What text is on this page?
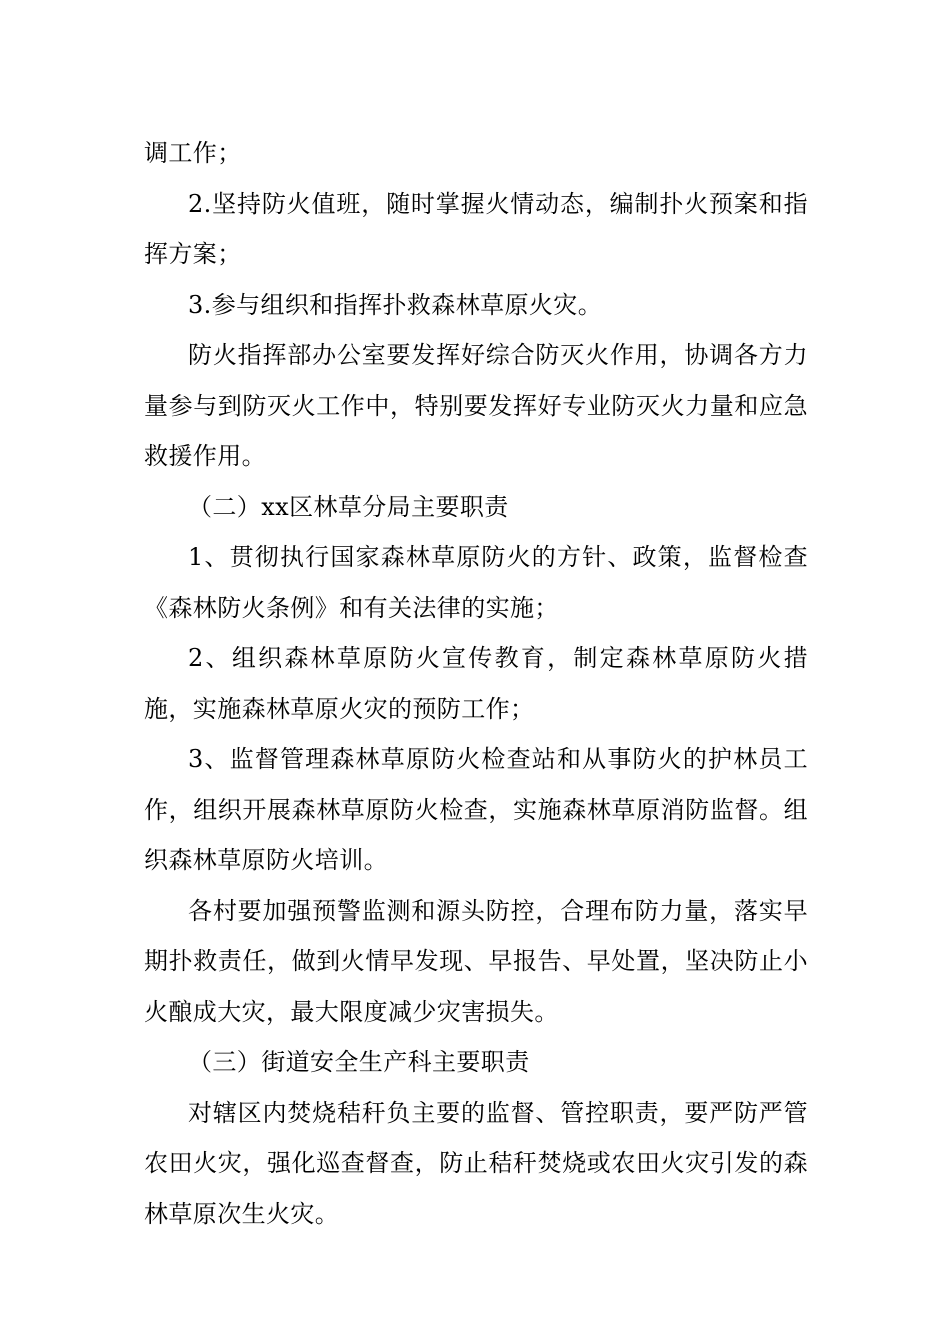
调工作；

2.坚持防火值班，随时掌握火情动态，编制扑火预案和指挥方案；

3.参与组织和指挥扑救森林草原火灾。

防火指挥部办公室要发挥好综合防灭火作用，协调各方力量参与到防灭火工作中，特别要发挥好专业防灭火力量和应急救援作用。

（二）xx区林草分局主要职责

1、贯彻执行国家森林草原防火的方针、政策，监督检查《森林防火条例》和有关法律的实施；

2、组织森林草原防火宣传教育，制定森林草原防火措施，实施森林草原火灾的预防工作；

3、监督管理森林草原防火检查站和从事防火的护林员工作，组织开展森林草原防火检查，实施森林草原消防监督。组织森林草原防火培训。

各村要加强预警监测和源头防控，合理布防力量，落实早期扑救责任，做到火情早发现、早报告、早处置，坚决防止小火酿成大灾，最大限度减少灾害损失。

（三）街道安全生产科主要职责

对辖区内焚烧秸秆负主要的监督、管控职责，要严防严管农田火灾，强化巡查督查，防止秸秆焚烧或农田火灾引发的森林草原次生火灾。
